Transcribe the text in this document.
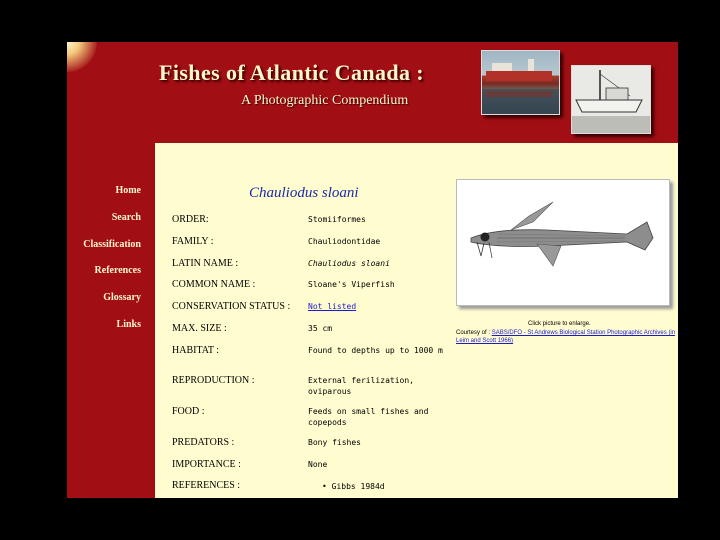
Fishes of Atlantic Canada :
A Photographic Compendium
Home
Search
Classification
References
Glossary
Links
Chauliodus sloani
ORDER:	Stomiiformes
FAMILY :	Chauliodontidae
LATIN NAME :	Chauliodus sloani
COMMON NAME :	Sloane's Viperfish
CONSERVATION STATUS : Not listed
MAX. SIZE :	35 cm
HABITAT :	Found to depths up to 1000 m
REPRODUCTION :	External ferilization, oviparous
FOOD :	Feeds on small fishes and copepods
PREDATORS :	Bony fishes
IMPORTANCE :	None
REFERENCES :	• Gibbs 1984d
Click picture to enlarge.
Courtesy of : SABS/DFO - St Andrews Biological Station Photographic Archives (in Leim and Scott 1966)
